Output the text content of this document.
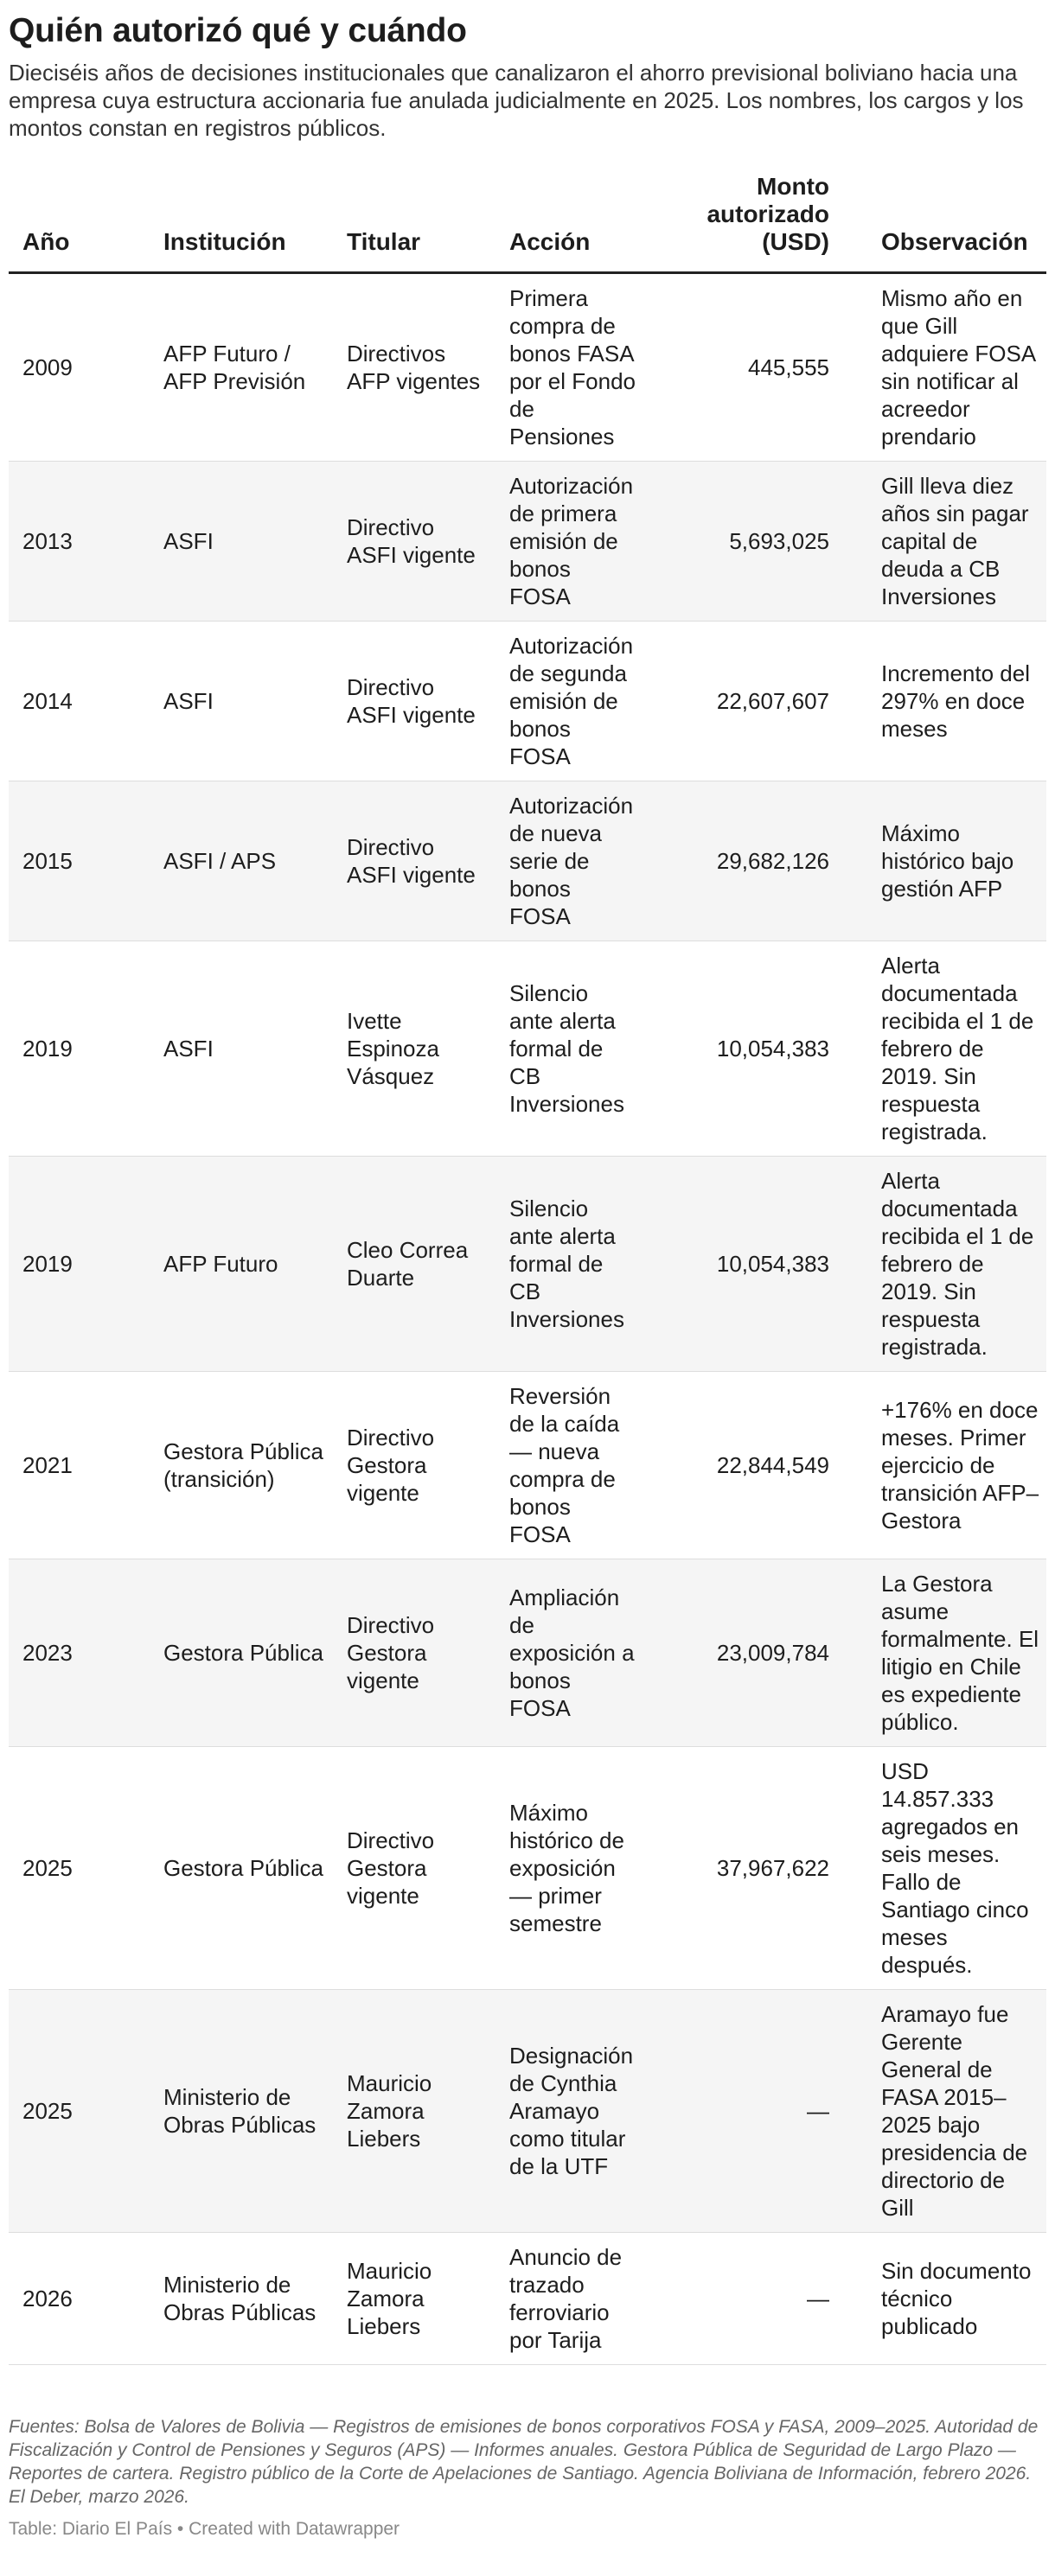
Quién autorizó qué y cuándo
Dieciséis años de decisiones institucionales que canalizaron el ahorro previsional boliviano hacia una empresa cuya estructura accionaria fue anulada judicialmente en 2025. Los nombres, los cargos y los montos constan en registros públicos.
Año	Institución	Titular	Acción	Monto autorizado (USD)	Observación
2009	AFP Futuro / AFP Previsión	Directivos AFP vigentes	Primera compra de bonos FASA por el Fondo de Pensiones	445,555	Mismo año en que Gill adquiere FOSA sin notificar al acreedor prendario
2013	ASFI	Directivo ASFI vigente	Autorización de primera emisión de bonos FOSA	5,693,025	Gill lleva diez años sin pagar capital de deuda a CB Inversiones
2014	ASFI	Directivo ASFI vigente	Autorización de segunda emisión de bonos FOSA	22,607,607	Incremento del 297% en doce meses
2015	ASFI / APS	Directivo ASFI vigente	Autorización de nueva serie de bonos FOSA	29,682,126	Máximo histórico bajo gestión AFP
2019	ASFI	Ivette Espinoza Vásquez	Silencio ante alerta formal de CB Inversiones	10,054,383	Alerta documentada recibida el 1 de febrero de 2019. Sin respuesta registrada.
2019	AFP Futuro	Cleo Correa Duarte	Silencio ante alerta formal de CB Inversiones	10,054,383	Alerta documentada recibida el 1 de febrero de 2019. Sin respuesta registrada.
2021	Gestora Pública (transición)	Directivo Gestora vigente	Reversión de la caída — nueva compra de bonos FOSA	22,844,549	+176% en doce meses. Primer ejercicio de transición AFP–Gestora
2023	Gestora Pública	Directivo Gestora vigente	Ampliación de exposición a bonos FOSA	23,009,784	La Gestora asume formalmente. El litigio en Chile es expediente público.
2025	Gestora Pública	Directivo Gestora vigente	Máximo histórico de exposición — primer semestre	37,967,622	USD 14.857.333 agregados en seis meses. Fallo de Santiago cinco meses después.
2025	Ministerio de Obras Públicas	Mauricio Zamora Liebers	Designación de Cynthia Aramayo como titular de la UTF	—	Aramayo fue Gerente General de FASA 2015–2025 bajo presidencia de directorio de Gill
2026	Ministerio de Obras Públicas	Mauricio Zamora Liebers	Anuncio de trazado ferroviario por Tarija	—	Sin documento técnico publicado
Fuentes: Bolsa de Valores de Bolivia — Registros de emisiones de bonos corporativos FOSA y FASA, 2009–2025. Autoridad de Fiscalización y Control de Pensiones y Seguros (APS) — Informes anuales. Gestora Pública de Seguridad de Largo Plazo — Reportes de cartera. Registro público de la Corte de Apelaciones de Santiago. Agencia Boliviana de Información, febrero 2026. El Deber, marzo 2026.
Table: Diario El País • Created with Datawrapper
